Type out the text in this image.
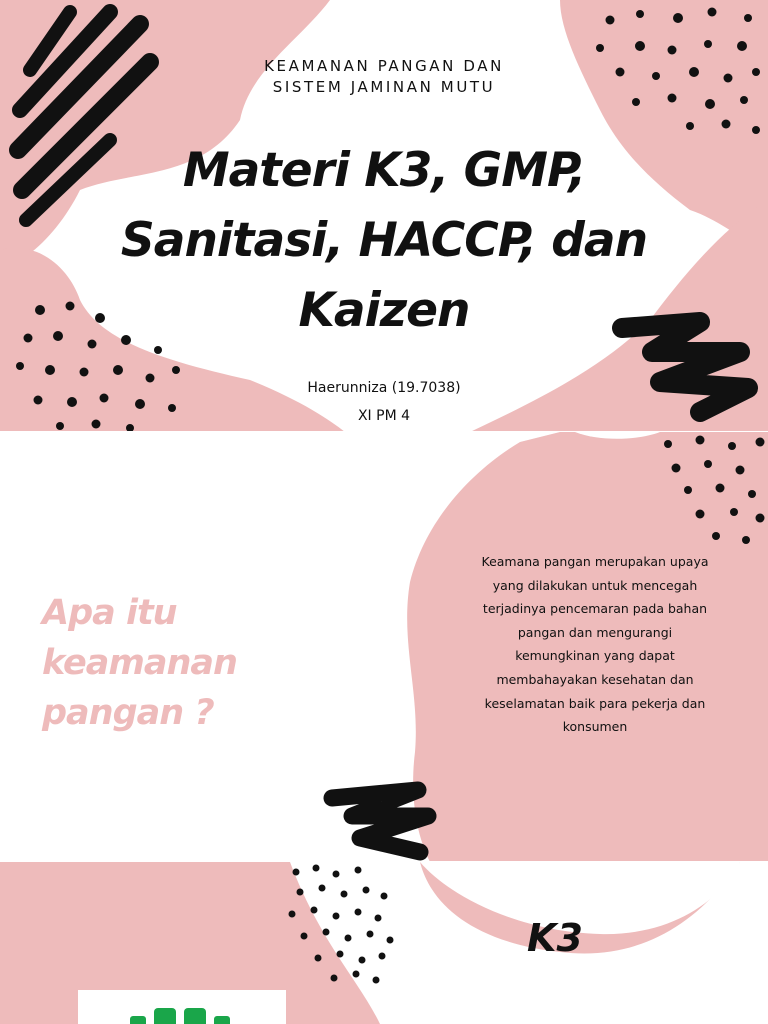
KEAMANAN PANGAN DAN
SISTEM JAMINAN MUTU
Materi K3, GMP,
Sanitasi, HACCP, dan
Kaizen
Haerunniza (19.7038)
XI PM 4
Apa itu keamanan
pangan ?
Keamana pangan merupakan upaya
yang dilakukan untuk mencegah
terjadinya pencemaran pada bahan
pangan dan mengurangi
kemungkinan yang dapat
membahayakan kesehatan dan
keselamatan baik para pekerja dan
konsumen
K3
(KESELAMATAN DAN KESEHATAN
KERJA)
